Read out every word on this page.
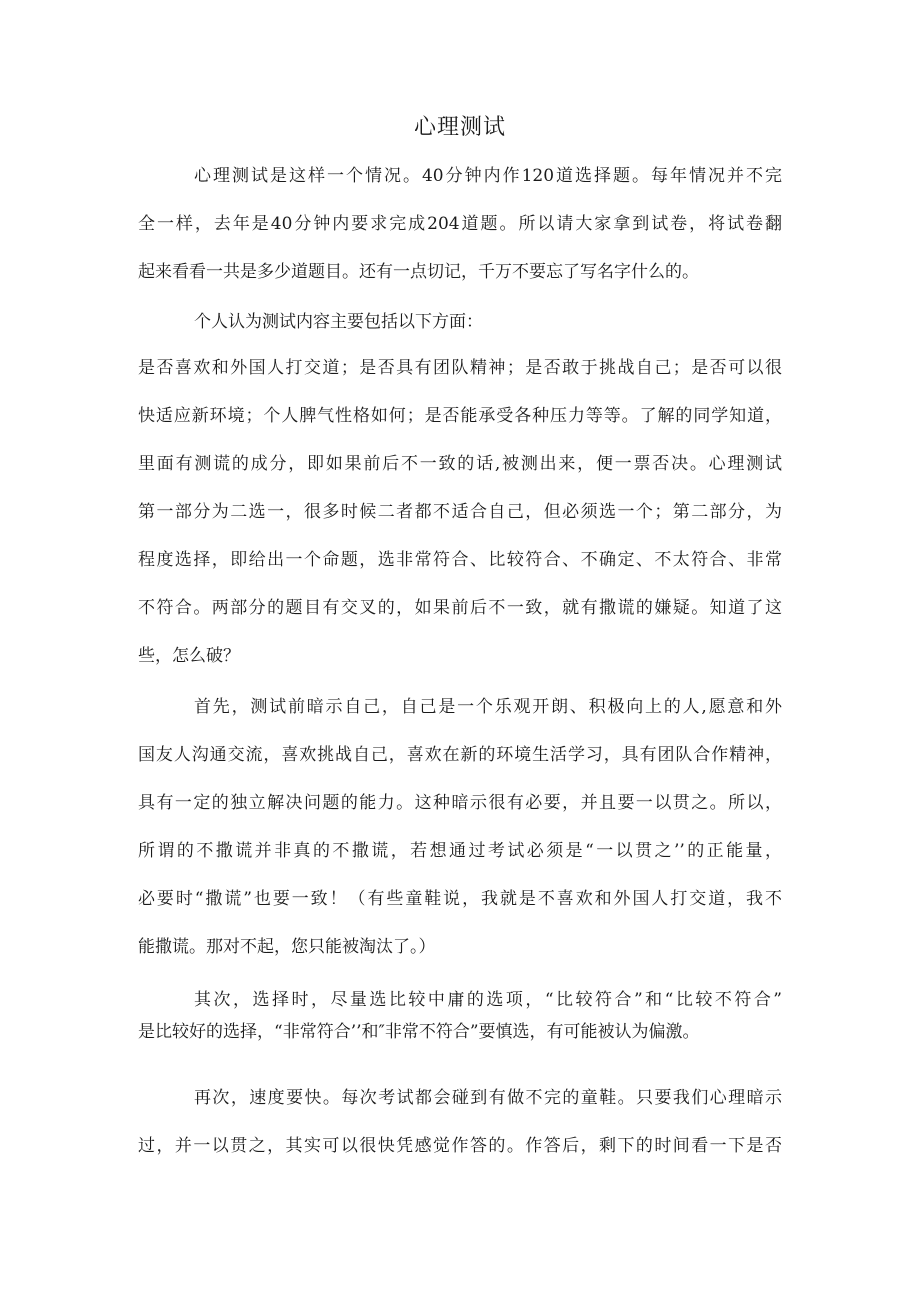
心理测试
心理测试是这样一个情况。40分钟内作120道选择题。每年情况并不完
全一样，去年是40分钟内要求完成204道题。所以请大家拿到试卷，将试卷翻
起来看看一共是多少道题目。还有一点切记，千万不要忘了写名字什么的。
个人认为测试内容主要包括以下方面：
是否喜欢和外国人打交道；是否具有团队精神；是否敢于挑战自己；是否可以很
快适应新环境；个人脾气性格如何；是否能承受各种压力等等。了解的同学知道，
里面有测谎的成分，即如果前后不一致的话,被测出来，便一票否决。心理测试
第一部分为二选一，很多时候二者都不适合自己，但必须选一个；第二部分，为
程度选择，即给出一个命题，选非常符合、比较符合、不确定、不太符合、非常
不符合。两部分的题目有交叉的，如果前后不一致，就有撒谎的嫌疑。知道了这
些，怎么破？
首先，测试前暗示自己，自己是一个乐观开朗、积极向上的人,愿意和外
国友人沟通交流，喜欢挑战自己，喜欢在新的环境生活学习，具有团队合作精神，
具有一定的独立解决问题的能力。这种暗示很有必要，并且要一以贯之。所以，
所谓的不撒谎并非真的不撒谎，若想通过考试必须是“一以贯之’’的正能量，
必要时“撒谎”也要一致！（有些童鞋说，我就是不喜欢和外国人打交道，我不
能撒谎。那对不起，您只能被淘汰了。）
其次，选择时，尽量选比较中庸的选项，“比较符合”和“比较不符合”
是比较好的选择，“非常符合’’和″非常不符合”要慎选，有可能被认为偏激。
再次，速度要快。每次考试都会碰到有做不完的童鞋。只要我们心理暗示
过，并一以贯之，其实可以很快凭感觉作答的。作答后，剩下的时间看一下是否
